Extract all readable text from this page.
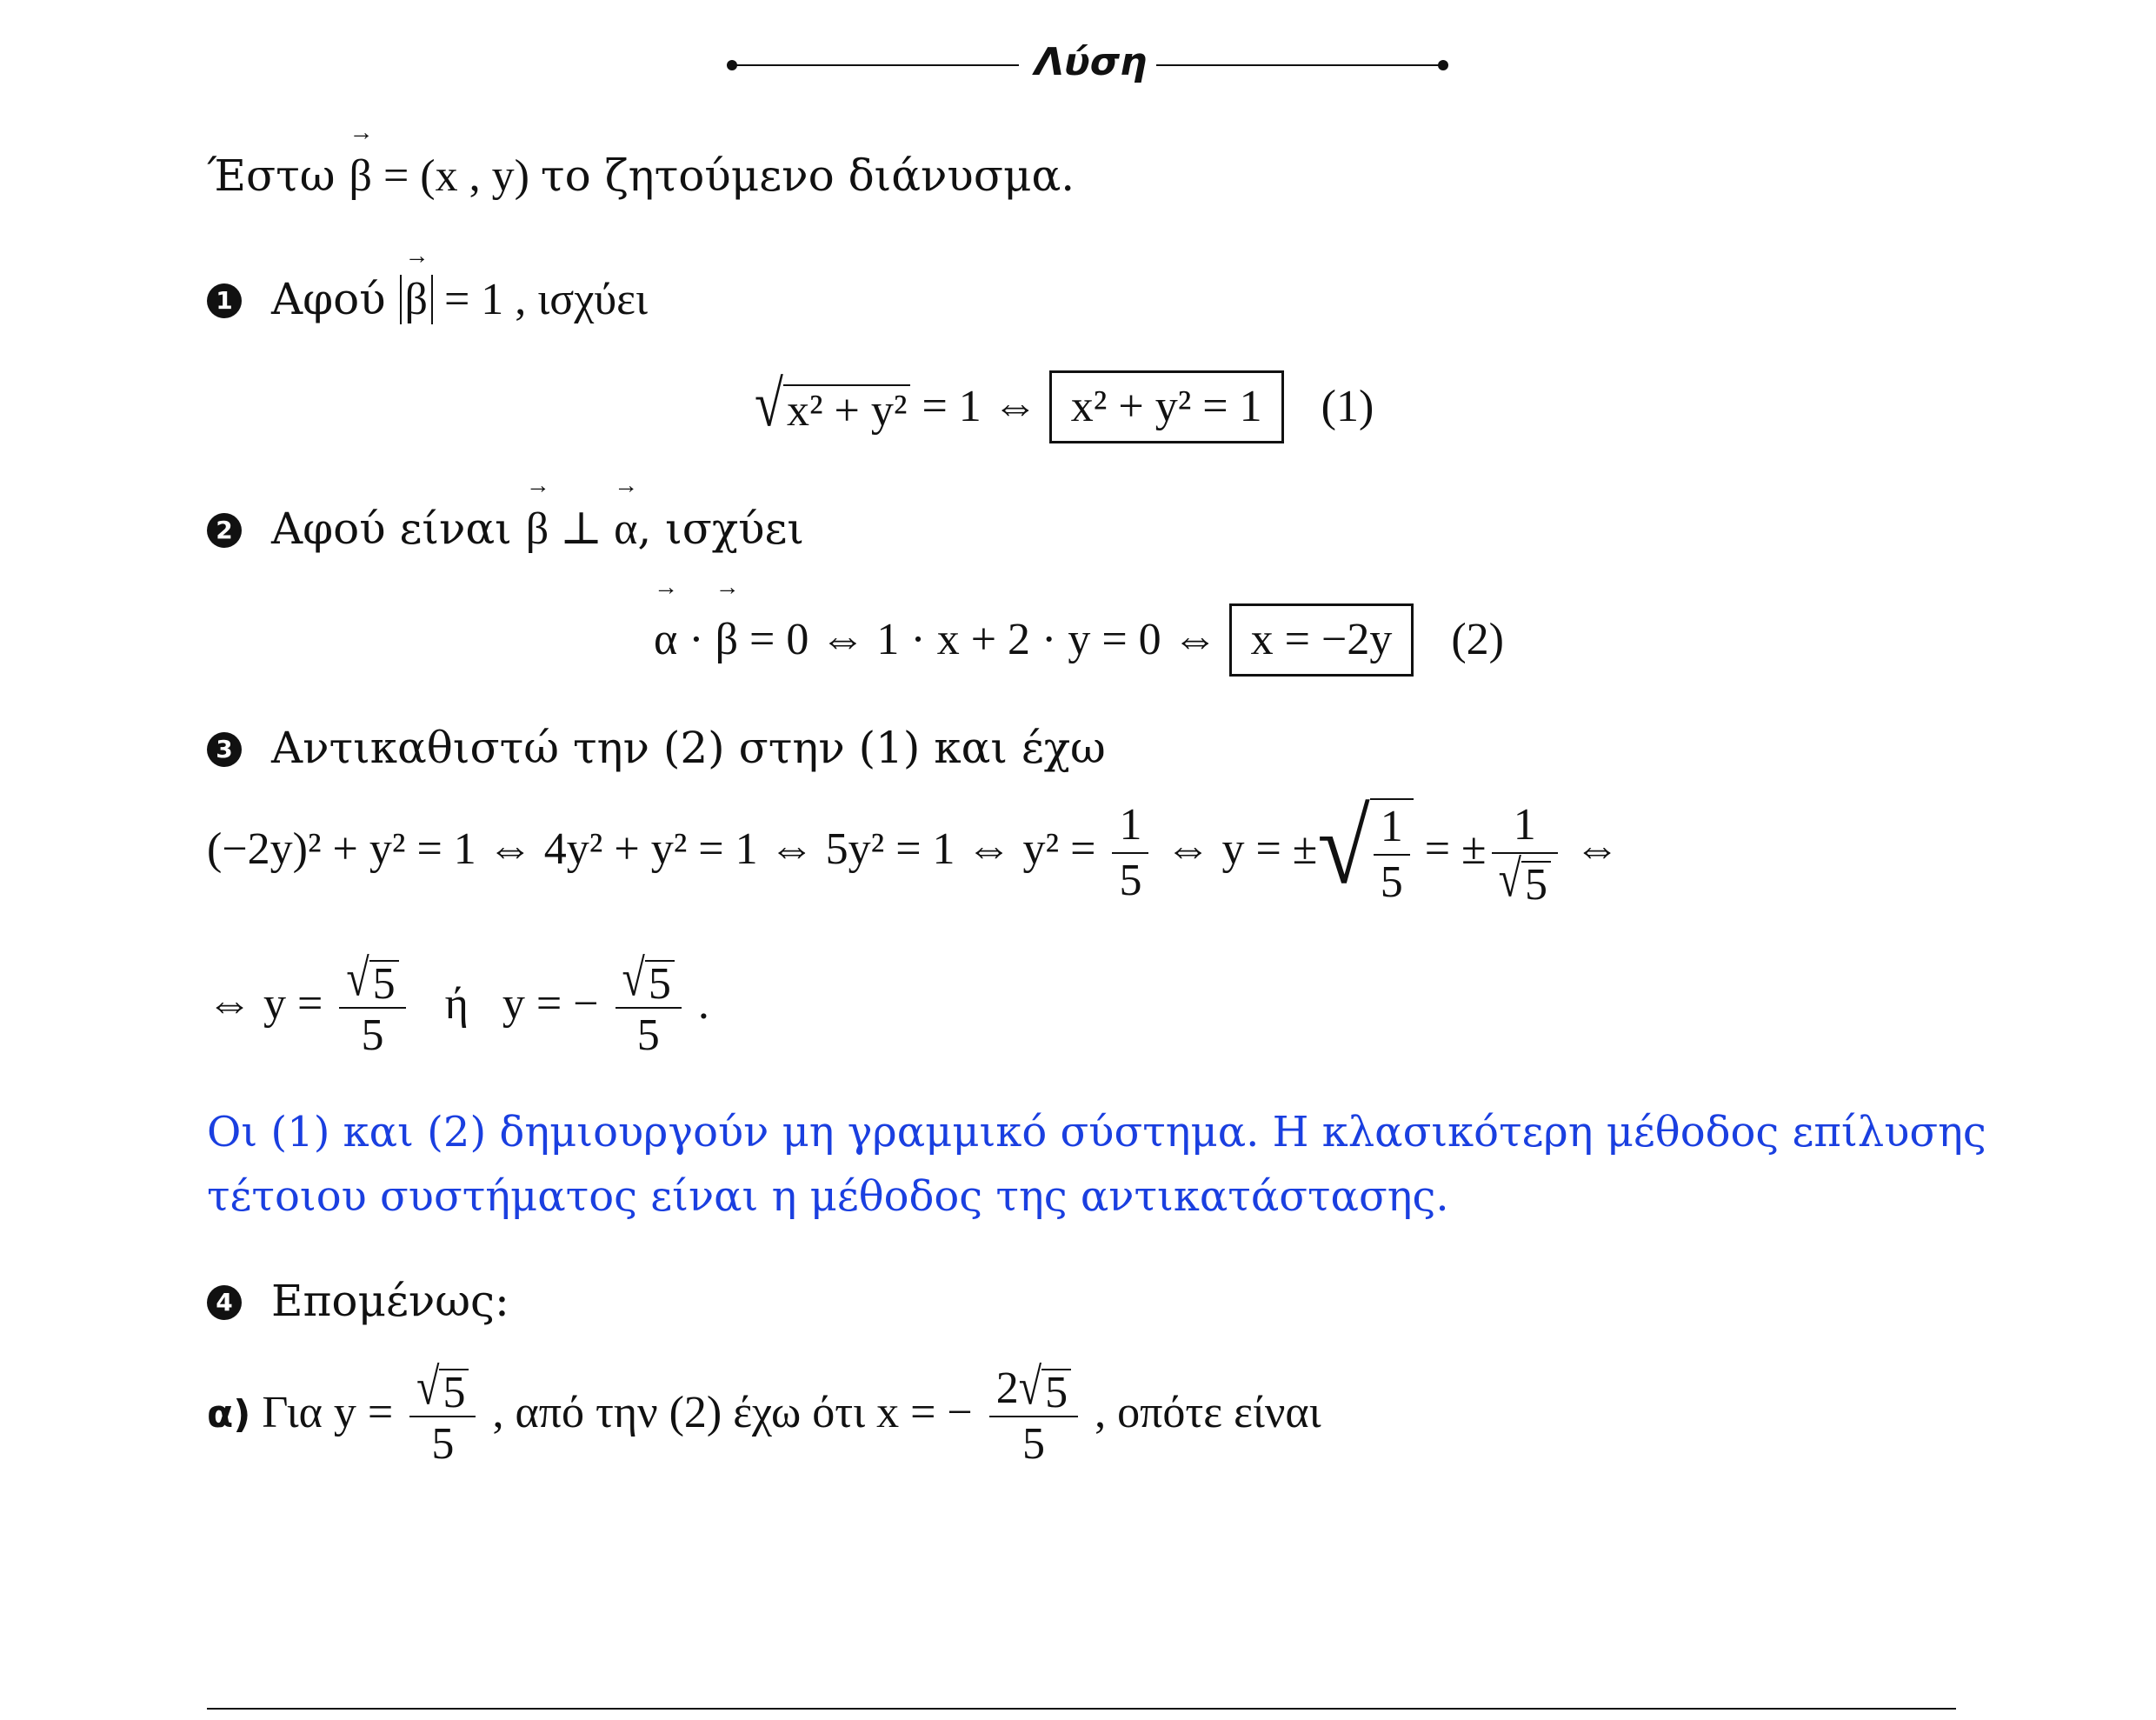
Λύση
Έστω → β = (x , y) το ζητούμενο διάνυσμα.
1 Αφού → β = 1 , ισχύει
√ x² + y² = 1 ⇔ x² + y² = 1 (1)
2 Αφού είναι → β ⊥ → α, ισχύει
→ α · → β = 0 ⇔ 1 · x + 2 · y = 0 ⇔ x = −2y (2)
3 Αντικαθιστώ την (2) στην (1) και έχω
(−2y)² + y² = 1 ⇔ 4y² + y² = 1 ⇔ 5y² = 1 ⇔ $y^2 = \frac{1}{5}$ ⇔ y = ± √ $\frac{1}{5}$ = ± $\frac{1}{√ 5}$ ⇔
⇔ $y = \frac{√ 5}{5}$ ή   y = − $\frac{√ 5}{5}$ .
Οι (1) και (2) δημιουργούν μη γραμμικό σύστημα. Η κλασικότερη μέθοδος επίλυσης
τέτοιου συστήματος είναι η μέθοδος της αντικατάστασης.
4 Επομένως:
α) Για $y = \frac{√ 5}{5}$ , από την (2) έχω ότι x = − $\frac{2 √ 5}{5}$ , οπότε είναι
